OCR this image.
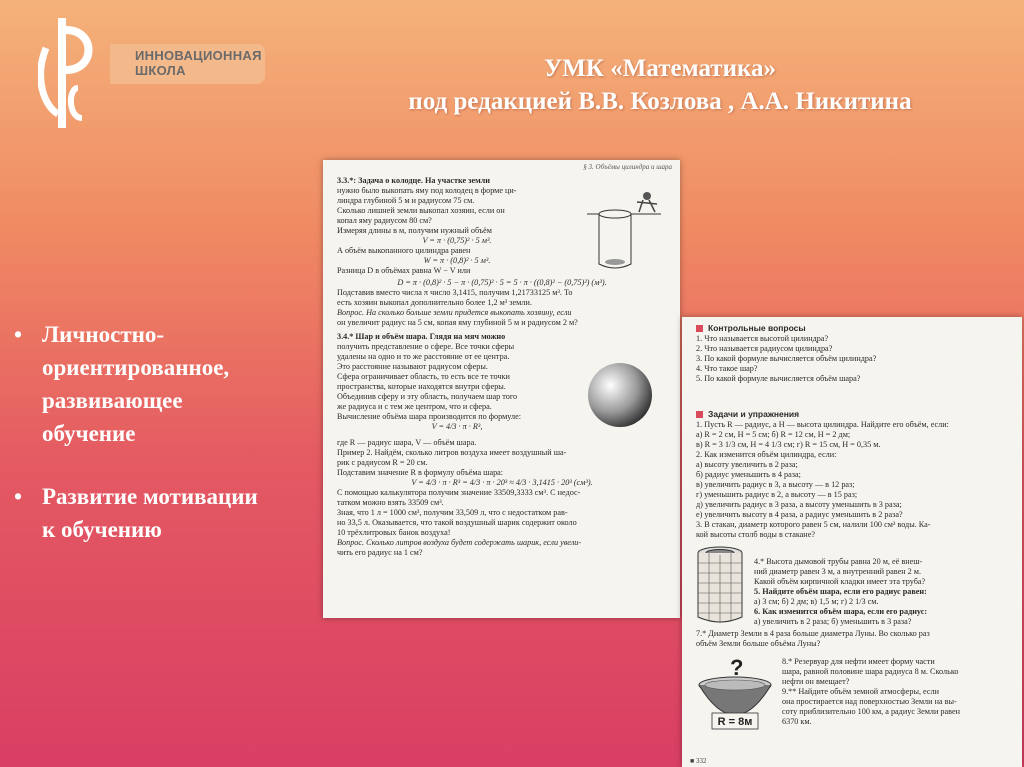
ИННОВАЦИОННАЯ
ШКОЛА	УМК «Математика»
под редакцией В.В. Козлова , А.А. Никитина
• Личностно-
ориентированное,
развивающее
обучение
• Развитие мотивации
к обучению
§ 3. Объёмы цилиндра и шара
3.3.*: Задача о колодце. На участке земли
нужно было выкопать яму под колодец в форме ци-
линдра глубиной 5 м и радиусом 75 см.
Сколько лишней земли выкопал хозяин, если он
копал яму радиусом 80 см?
Измеряя длины в м, получим нужный объём
V = π · (0,75)² · 5 м³.
А объём выкопанного цилиндра равен
W = π · (0,8)² · 5 м³.
Разница D в объёмах равна W − V или
D = π · (0,8)² · 5 − π · (0,75)² · 5 = 5 · π · ((0,8)² − (0,75)²) (м³).
Подставив вместо числа π число 3,1415, получим 1,21733125 м³. То
есть хозяин выкопал дополнительно более 1,2 м³ земли.
Вопрос. На сколько больше земли придется выкопать хозяину, если
он увеличит радиус на 5 см, копая яму глубиной 5 м и радиусом 2 м?
3.4.* Шар и объём шара. Глядя на мяч можно
получить представление о сфере. Все точки сферы
удалены на одно и то же расстояние от ее центра.
Это расстояние называют радиусом сферы.
Сфера ограничивает область, то есть все те точки
пространства, которые находятся внутри сферы.
Объединив сферу и эту область, получаем шар того
же радиуса и с тем же центром, что и сфера.
Вычисление объёма шара производится по формуле:
V = 4/3 · π · R³,
где R — радиус шара, V — объём шара.
Пример 2. Найдём, сколько литров воздуха имеет воздушный ша-
рик с радиусом R = 20 см.
Подставим значение R в формулу объёма шара:
V = 4/3 · π · R³ = 4/3 · π · 20³ ≈ 4/3 · 3,1415 · 20³ (см³).
С помощью калькулятора получим значение 33509,3333 см³. С недос-
татком можно взять 33509 см³.
Зная, что 1 л = 1000 см³, получим 33,509 л, что с недостатком рав-
но 33,5 л. Оказывается, что такой воздушный шарик содержит около
10 трёхлитровых банок воздуха!
Вопрос. Сколько литров воздуха будет содержать шарик, если увели-
чить его радиус на 1 см?
Контрольные вопросы
1. Что называется высотой цилиндра?
2. Что называется радиусом цилиндра?
3. По какой формуле вычисляется объём цилиндра?
4. Что такое шар?
5. По какой формуле вычисляется объём шара?
Задачи и упражнения
1. Пусть R — радиус, а H — высота цилиндра. Найдите его объём, если:
а) R = 2 см, H = 5 см; б) R = 12 см, H = 2 дм;
в) R = 3 1/3 см, H = 4 1/3 см; г) R = 15 см, H = 0,35 м.
2. Как изменится объём цилиндра, если:
а) высоту увеличить в 2 раза;
б) радиус уменьшить в 4 раза;
в) увеличить радиус в 3, а высоту — в 12 раз;
г) уменьшить радиус в 2, а высоту — в 15 раз;
д) увеличить радиус в 3 раза, а высоту уменьшить в 3 раза;
е) увеличить высоту в 4 раза, а радиус уменьшить в 2 раза?
3. В стакан, диаметр которого равен 5 см, налили 100 см³ воды. Ка-
кой высоты столб воды в стакане?
4.* Высота дымовой трубы равна 20 м, её внеш-
ний диаметр равен 3 м, а внутренний равен 2 м.
Какой объём кирпичной кладки имеет эта труба?
5. Найдите объём шара, если его радиус равен:
а) 3 см; б) 2 дм; в) 1,5 м; г) 2 1/3 см.
6. Как изменится объём шара, если его радиус:
а) увеличить в 2 раза; б) уменьшить в 3 раза?
7.* Диаметр Земли в 4 раза больше диаметра Луны. Во сколько раз
объём Земли больше объёма Луны?
?
R = 8м
8.* Резервуар для нефти имеет форму части
шара, равной половине шара радиуса 8 м. Сколько
нефти он вмещает?
9.** Найдите объём земной атмосферы, если
она простирается над поверхностью Земли на вы-
соту приблизительно 100 км, а радиус Земли равен
6370 км.
■ 332
